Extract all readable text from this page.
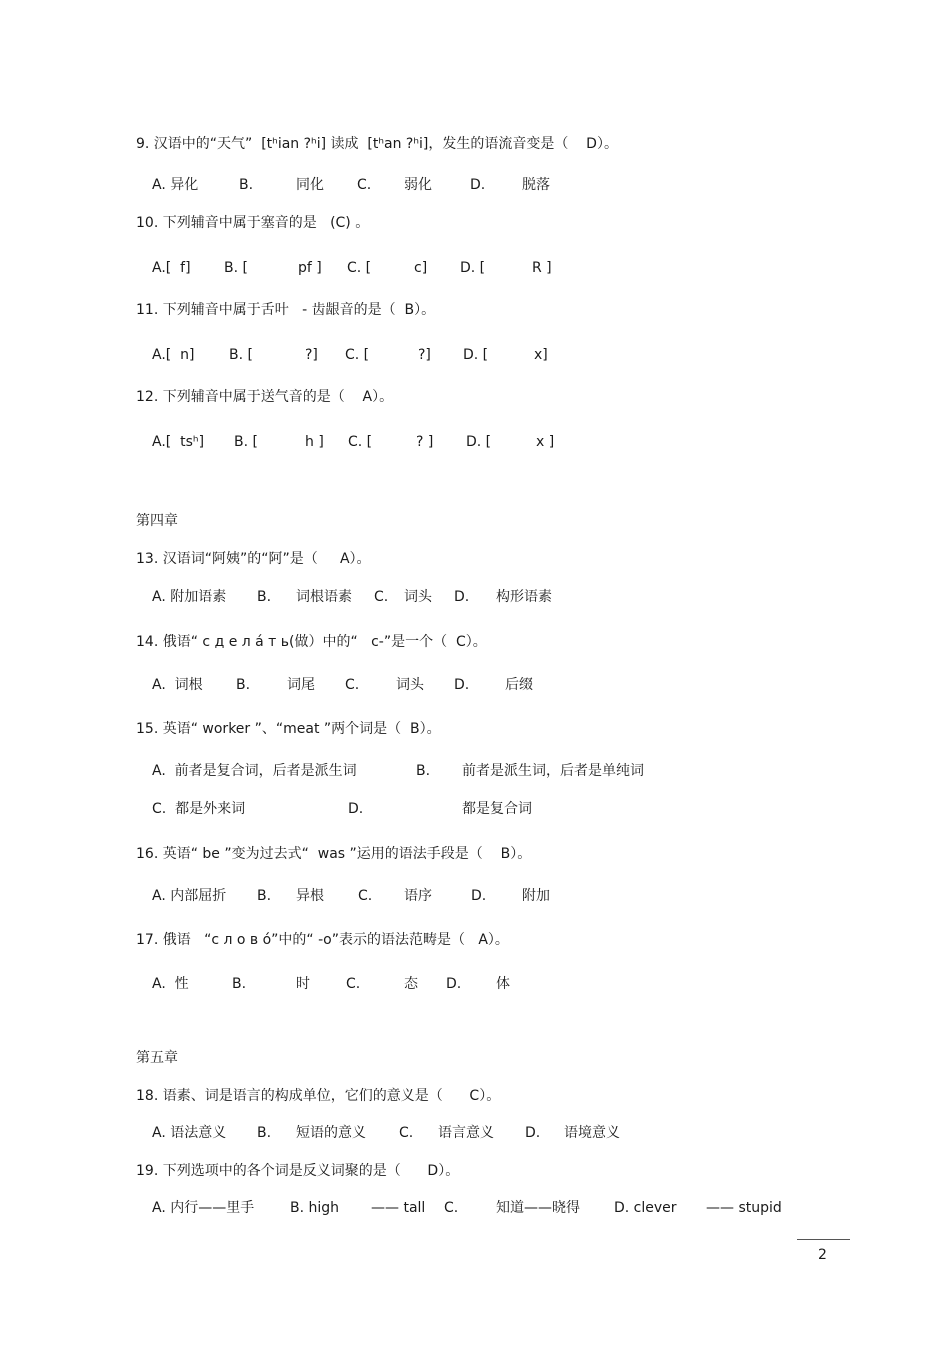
9. 汉语中的“天气”  [tʰian ?ʰi] 读成  [tʰan ?ʰi]，发生的语流音变是（    D）。
A. 异化	B.	同化 C. 弱化	D.	脱落
10. 下列辅音中属于塞音的是   (C) 。
A.[  f] B. [	pf ] C. [	c] D. [	R ]
11. 下列辅音中属于舌叶   - 齿龈音的是（  B）。
A.[  n] B. [	?] C. [	?] D. [	x]
12. 下列辅音中属于送气音的是（    A）。
A.[  tsʰ] B. [	h ] C. [	? ] D. [	x ]
第四章
13. 汉语词“阿姨”的“阿”是（     A）。
A. 附加语素 B. 词根语素 C. 词头 D. 构形语素
14. 俄语“ с д е л а́ т ь(做）中的“   с-”是一个（  C）。
A.  词根 B.	词尾 C.	词头 D.	后缀
15. 英语“ worker ”、“meat ”两个词是（  B）。
A.  前者是复合词，后者是派生词	B. 前者是派生词，后者是单纯词
C.  都是外来词	D.	都是复合词
16. 英语“ be ”变为过去式“  was ”运用的语法手段是（    B）。
A. 内部屈折 B. 异根 C. 语序	D.	附加
17. 俄语   “с л о в о́”中的“ -о”表示的语法范畴是（   A）。
A.  性	B.	时	C.	态 D. 体
第五章
18. 语素、词是语言的构成单位，它们的意义是（      C）。
A. 语法意义 B. 短语的意义 C. 语言意义 D. 语境意义
19. 下列选项中的各个词是反义词聚的是（      D）。
A. 内行——里手	B. high —— tall C.	知道——晓得 D. clever —— stupid
2
